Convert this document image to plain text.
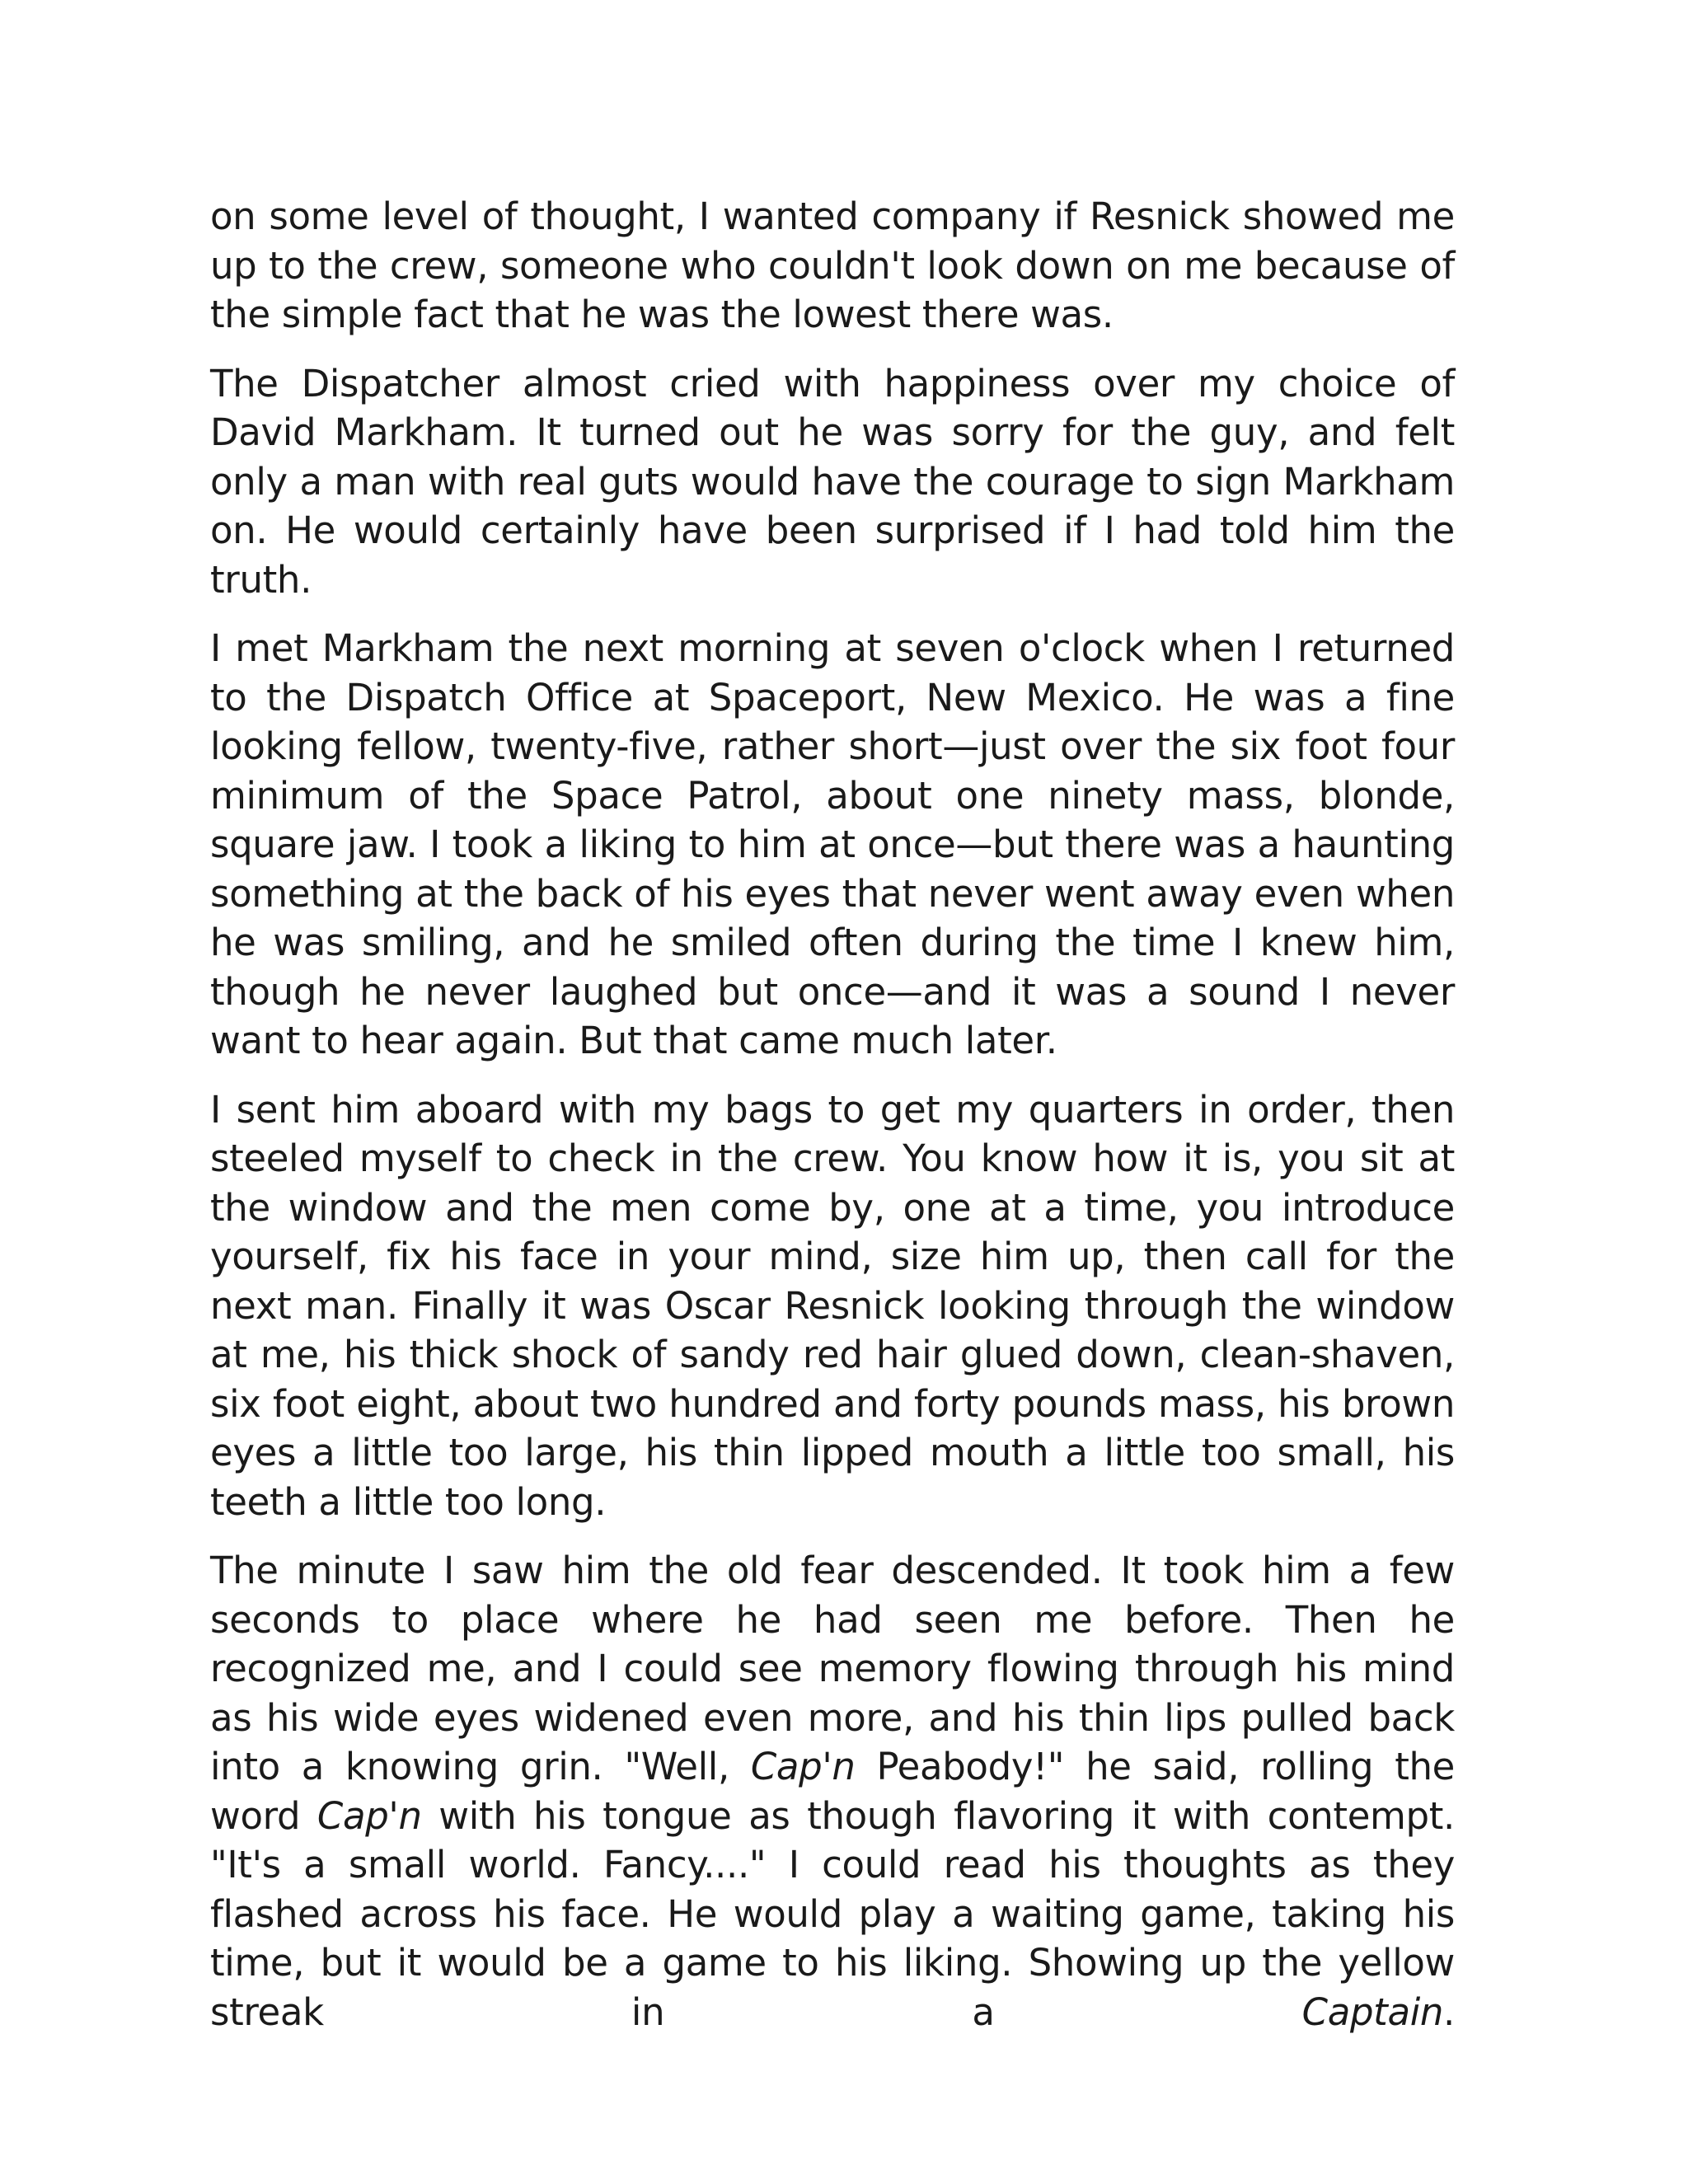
on some level of thought, I wanted company if Resnick showed me up to the crew, someone who couldn't look down on me because of the simple fact that he was the lowest there was.

The Dispatcher almost cried with happiness over my choice of David Markham. It turned out he was sorry for the guy, and felt only a man with real guts would have the courage to sign Markham on. He would certainly have been surprised if I had told him the truth.

I met Markham the next morning at seven o'clock when I returned to the Dispatch Office at Spaceport, New Mexico. He was a fine looking fellow, twenty-five, rather short—just over the six foot four minimum of the Space Patrol, about one ninety mass, blonde, square jaw. I took a liking to him at once—but there was a haunting something at the back of his eyes that never went away even when he was smiling, and he smiled often during the time I knew him, though he never laughed but once—and it was a sound I never want to hear again. But that came much later.

I sent him aboard with my bags to get my quarters in order, then steeled myself to check in the crew. You know how it is, you sit at the window and the men come by, one at a time, you introduce yourself, fix his face in your mind, size him up, then call for the next man. Finally it was Oscar Resnick looking through the window at me, his thick shock of sandy red hair glued down, clean-shaven, six foot eight, about two hundred and forty pounds mass, his brown eyes a little too large, his thin lipped mouth a little too small, his teeth a little too long.

The minute I saw him the old fear descended. It took him a few seconds to place where he had seen me before. Then he recognized me, and I could see memory flowing through his mind as his wide eyes widened even more, and his thin lips pulled back into a knowing grin. "Well, Cap'n Peabody!" he said, rolling the word Cap'n with his tongue as though flavoring it with contempt. "It's a small world. Fancy...." I could read his thoughts as they flashed across his face. He would play a waiting game, taking his time, but it would be a game to his liking. Showing up the yellow streak in a Captain.
